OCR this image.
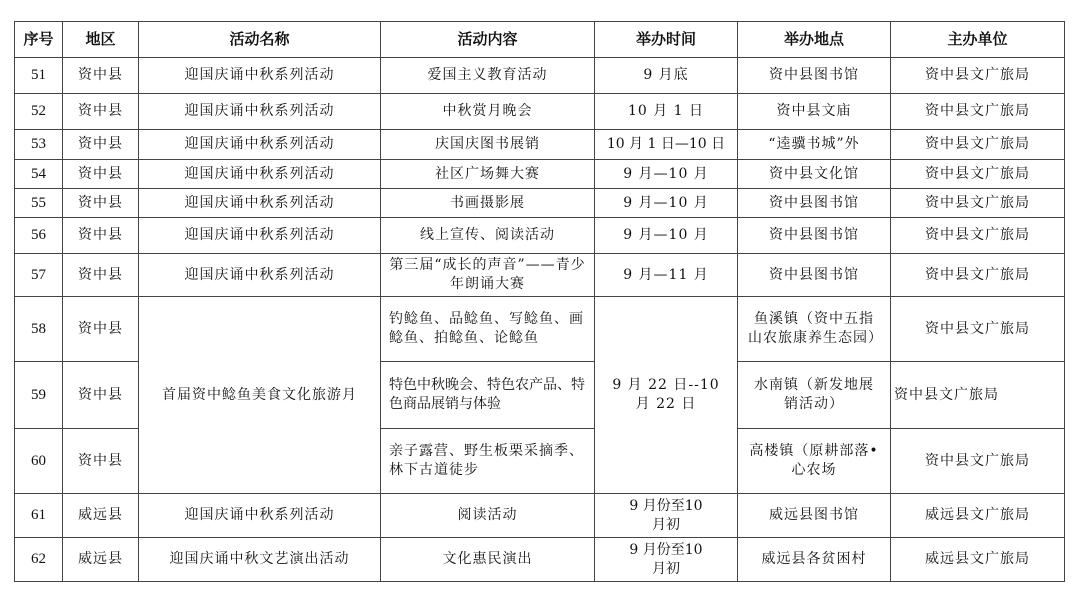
序号	地区	活动名称	活动内容	举办时间	举办地点	主办单位
51	资中县	迎国庆诵中秋系列活动	爱国主义教育活动	9 月底	资中县图书馆	资中县文广旅局
52	资中县	迎国庆诵中秋系列活动	中秋赏月晚会	10 月 1 日	资中县文庙	资中县文广旅局
53	资中县	迎国庆诵中秋系列活动	庆国庆图书展销	10 月 1 日—10 日	“逵骥书城”外	资中县文广旅局
54	资中县	迎国庆诵中秋系列活动	社区广场舞大赛	9 月—10 月	资中县文化馆	资中县文广旅局
55	资中县	迎国庆诵中秋系列活动	书画摄影展	9 月—10 月	资中县图书馆	资中县文广旅局
56	资中县	迎国庆诵中秋系列活动	线上宣传、阅读活动	9 月—10 月	资中县图书馆	资中县文广旅局
57	资中县	迎国庆诵中秋系列活动	第三届“成长的声音”——青少年朗诵大赛	9 月—11 月	资中县图书馆	资中县文广旅局
58	资中县	首届资中鲶鱼美食文化旅游月	钓鲶鱼、品鲶鱼、写鲶鱼、画鲶鱼、拍鲶鱼、论鲶鱼	9 月 22 日--10 月 22 日	鱼溪镇（资中五指山农旅康养生态园）	资中县文广旅局
59	资中县		特色中秋晚会、特色农产品、特色商品展销与体验		水南镇（新发地展销活动）	资中县文广旅局
60	资中县		亲子露营、野生板栗采摘季、林下古道徒步		高楼镇（原耕部落•心农场	资中县文广旅局
61	威远县	迎国庆诵中秋系列活动	阅读活动	9 月份至10 月初	威远县图书馆	威远县文广旅局
62	威远县	迎国庆诵中秋文艺演出活动	文化惠民演出	9 月份至10 月初	威远县各贫困村	威远县文广旅局
